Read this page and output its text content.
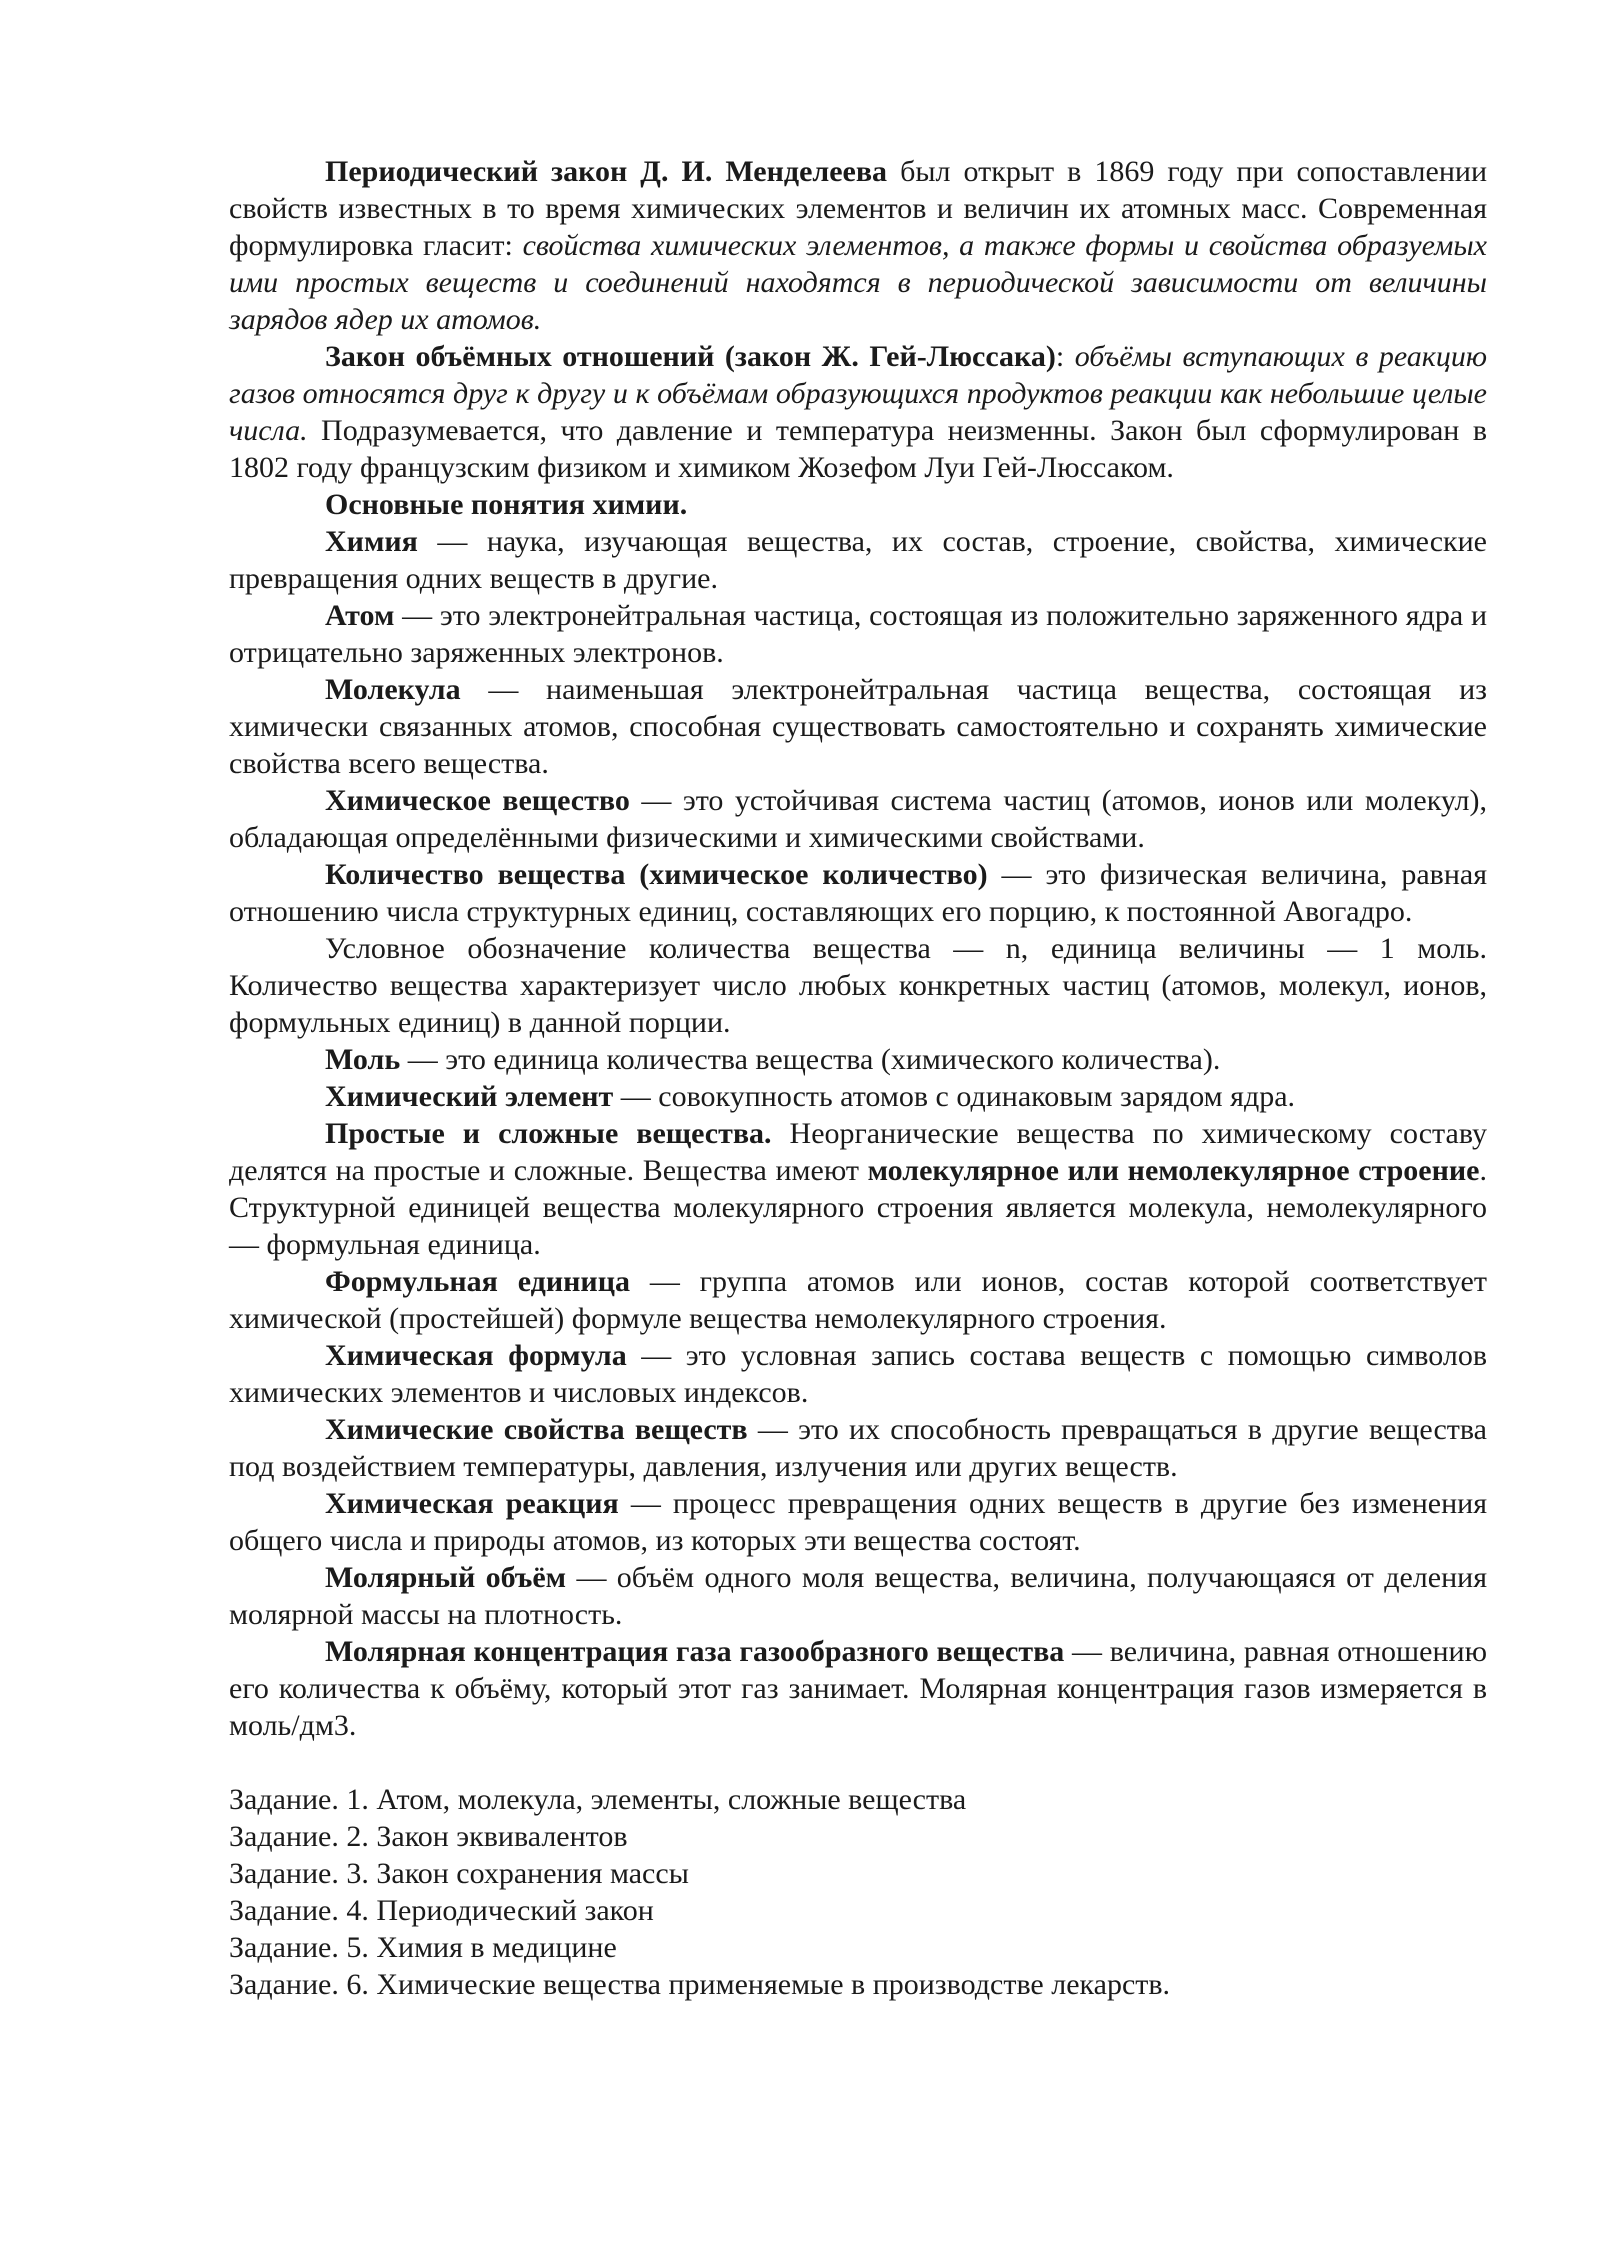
Периодический закон Д. И. Менделеева был открыт в 1869 году при сопоставлении свойств известных в то время химических элементов и величин их атомных масс. Современная формулировка гласит: свойства химических элементов, а также формы и свойства образуемых ими простых веществ и соединений находятся в периодической зависимости от величины зарядов ядер их атомов.

Закон объёмных отношений (закон Ж. Гей-Люссака): объёмы вступающих в реакцию газов относятся друг к другу и к объёмам образующихся продуктов реакции как небольшие целые числа. Подразумевается, что давление и температура неизменны. Закон был сформулирован в 1802 году французским физиком и химиком Жозефом Луи Гей-Люссаком.

Основные понятия химии.

Химия — наука, изучающая вещества, их состав, строение, свойства, химические превращения одних веществ в другие.

Атом — это электронейтральная частица, состоящая из положительно заряженного ядра и отрицательно заряженных электронов.

Молекула — наименьшая электронейтральная частица вещества, состоящая из химически связанных атомов, способная существовать самостоятельно и сохранять химические свойства всего вещества.

Химическое вещество — это устойчивая система частиц (атомов, ионов или молекул), обладающая определёнными физическими и химическими свойствами.

Количество вещества (химическое количество) — это физическая величина, равная отношению числа структурных единиц, составляющих его порцию, к постоянной Авогадро.

Условное обозначение количества вещества — n, единица величины — 1 моль. Количество вещества характеризует число любых конкретных частиц (атомов, молекул, ионов, формульных единиц) в данной порции.

Моль — это единица количества вещества (химического количества).

Химический элемент — совокупность атомов с одинаковым зарядом ядра.

Простые и сложные вещества. Неорганические вещества по химическому составу делятся на простые и сложные. Вещества имеют молекулярное или немолекулярное строение. Структурной единицей вещества молекулярного строения является молекула, немолекулярного — формульная единица.

Формульная единица — группа атомов или ионов, состав которой соответствует химической (простейшей) формуле вещества немолекулярного строения.

Химическая формула — это условная запись состава веществ с помощью символов химических элементов и числовых индексов.

Химические свойства веществ — это их способность превращаться в другие вещества под воздействием температуры, давления, излучения или других веществ.

Химическая реакция — процесс превращения одних веществ в другие без изменения общего числа и природы атомов, из которых эти вещества состоят.

Молярный объём — объём одного моля вещества, величина, получающаяся от деления молярной массы на плотность.

Молярная концентрация газа газообразного вещества — величина, равная отношению его количества к объёму, который этот газ занимает. Молярная концентрация газов измеряется в моль/дм3.

Задание. 1. Атом, молекула, элементы, сложные вещества

Задание. 2. Закон эквивалентов

Задание. 3. Закон сохранения массы

Задание. 4. Периодический закон

Задание. 5. Химия в медицине

Задание. 6. Химические вещества применяемые в производстве лекарств.
